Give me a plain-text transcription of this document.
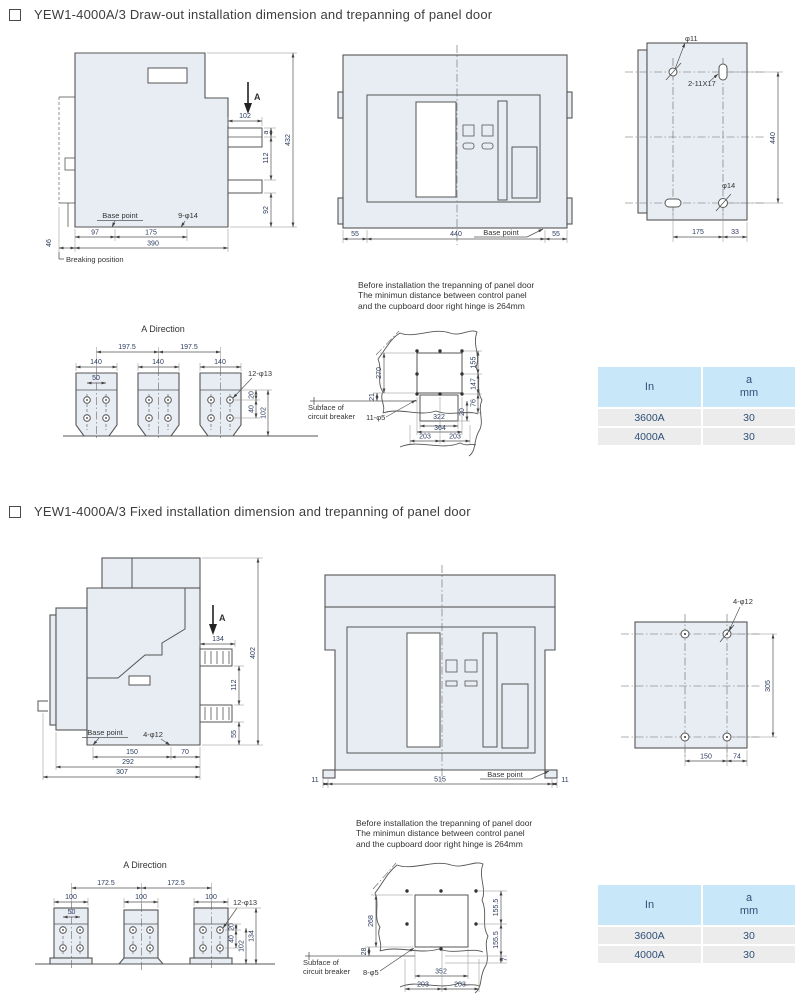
YEW1-4000A/3 Draw-out installation dimension and trepanning of panel door
A
102
a
112
92
432
97	175
390
46
Base point	9-φ14
Breaking position
55	440	55
Base point
φ11
2-11X17
φ14
440
175	33
A Direction
197.5	197.5
140	140	140
50
12-φ13
20
40 102
Before installation the trepanning of panel door
The minimun distance between control panel
and the cupboard door right hinge is 264mm
270
21
155
147
76
20
322
364
203	203
Subface of
circuit breaker 11-φ5
In
a
mm
3600A	30
4000A	30
YEW1-4000A/3 Fixed installation dimension and trepanning of panel door
A
134
402
112
55
150	70
292
307
Base point	4-φ12
11	515	11
Base point
4-φ12
305
150	74
Before installation the trepanning of panel door
The minimun distance between control panel
and the cupboard door right hinge is 264mm
A Direction
172.5	172.5
100	100	100
50
12-φ13
20
40
102
134
268
28
155.5
155.5
7
352
203	203
Subface of
circuit breaker 8-φ5
In
a
mm
3600A	30
4000A	30
